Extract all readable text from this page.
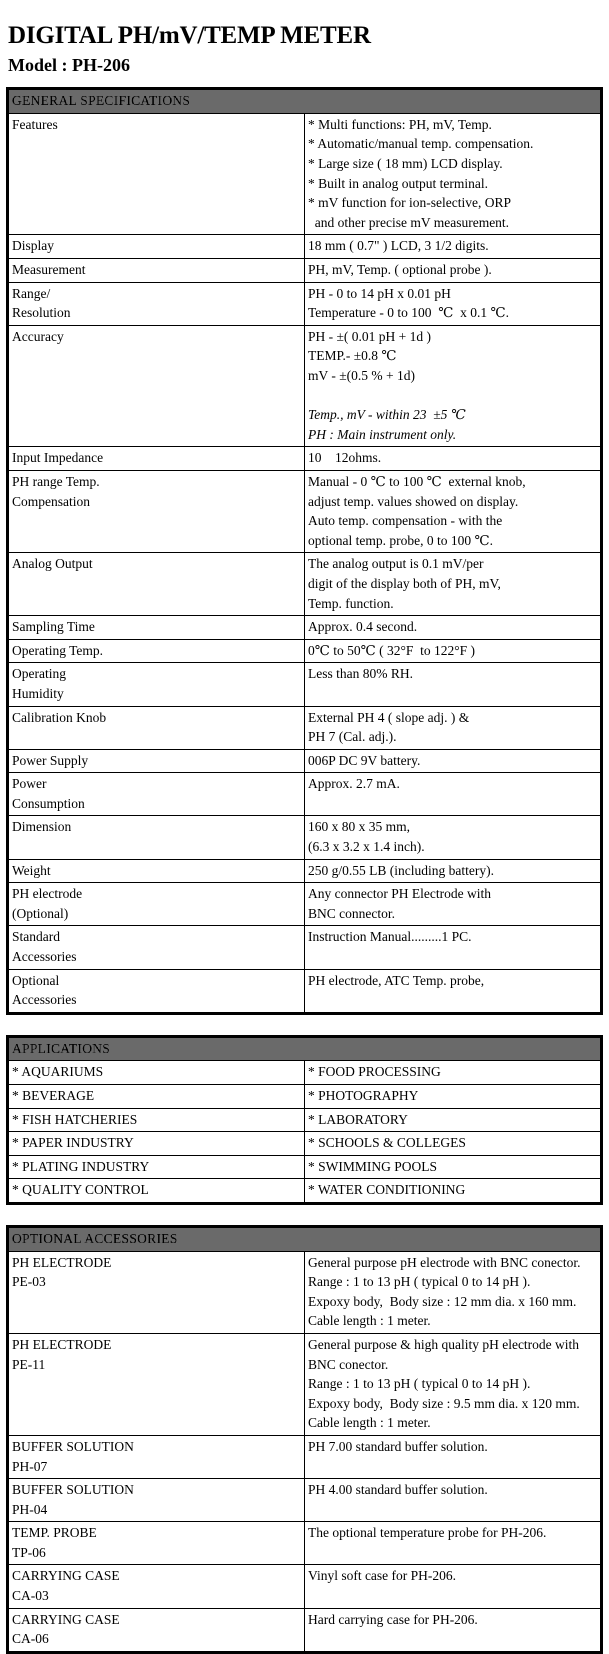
DIGITAL PH/mV/TEMP METER
Model : PH-206
GENERAL SPECIFICATIONS	

Features	* Multi functions: PH, mV, Temp.
* Automatic/manual temp. compensation.
* Large size ( 18 mm) LCD display.
* Built in analog output terminal.
* mV function for ion-selective, ORP
and other precise mV measurement.

Display	18 mm ( 0.7" ) LCD, 3 1/2 digits.

Measurement	PH, mV, Temp. ( optional probe ).

Range/
Resolution	PH - 0 to 14 pH x 0.01 pH
Temperature - 0 to 100  ℃  x 0.1 ℃.

Accuracy	PH - ±( 0.01 pH + 1d )
TEMP.- ±0.8 ℃
mV - ±(0.5 % + 1d)

Temp., mV - within 23  ±5 ℃
PH : Main instrument only.

Input Impedance	10    12ohms.

PH range Temp.
Compensation	Manual - 0 ℃ to 100 ℃  external knob,
adjust temp. values showed on display.
Auto temp. compensation - with the
optional temp. probe, 0 to 100 ℃.

Analog Output	The analog output is 0.1 mV/per
digit of the display both of PH, mV,
Temp. function.

Sampling Time	Approx. 0.4 second.

Operating Temp.	0℃ to 50℃ ( 32°F  to 122°F )

Operating
Humidity	Less than 80% RH.

Calibration Knob	External PH 4 ( slope adj. ) &
PH 7 (Cal. adj.).

Power Supply	006P DC 9V battery.

Power
Consumption	Approx. 2.7 mA.

Dimension	160 x 80 x 35 mm,
(6.3 x 3.2 x 1.4 inch).

Weight	250 g/0.55 LB (including battery).

PH electrode
(Optional)	Any connector PH Electrode with
BNC connector.

Standard
Accessories	Instruction Manual.........1 PC.

Optional
Accessories	PH electrode, ATC Temp. probe,

APPLICATIONS	
* AQUARIUMS	* FOOD PROCESSING
* BEVERAGE	* PHOTOGRAPHY
* FISH HATCHERIES	* LABORATORY
* PAPER INDUSTRY	* SCHOOLS & COLLEGES
* PLATING INDUSTRY	* SWIMMING POOLS
* QUALITY CONTROL	* WATER CONDITIONING
OPTIONAL ACCESSORIES	

PH ELECTRODE
PE-03	General purpose pH electrode with BNC conector.
Range : 1 to 13 pH ( typical 0 to 14 pH ).
Expoxy body,  Body size : 12 mm dia. x 160 mm.
Cable length : 1 meter.

PH ELECTRODE
PE-11	General purpose & high quality pH electrode with BNC conector.
Range : 1 to 13 pH ( typical 0 to 14 pH ).
Expoxy body,  Body size : 9.5 mm dia. x 120 mm.
Cable length : 1 meter.

BUFFER SOLUTION
PH-07	PH 7.00 standard buffer solution.

BUFFER SOLUTION
PH-04	PH 4.00 standard buffer solution.

TEMP. PROBE
TP-06	The optional temperature probe for PH-206.

CARRYING CASE
CA-03	Vinyl soft case for PH-206.

CARRYING CASE
CA-06	Hard carrying case for PH-206.
